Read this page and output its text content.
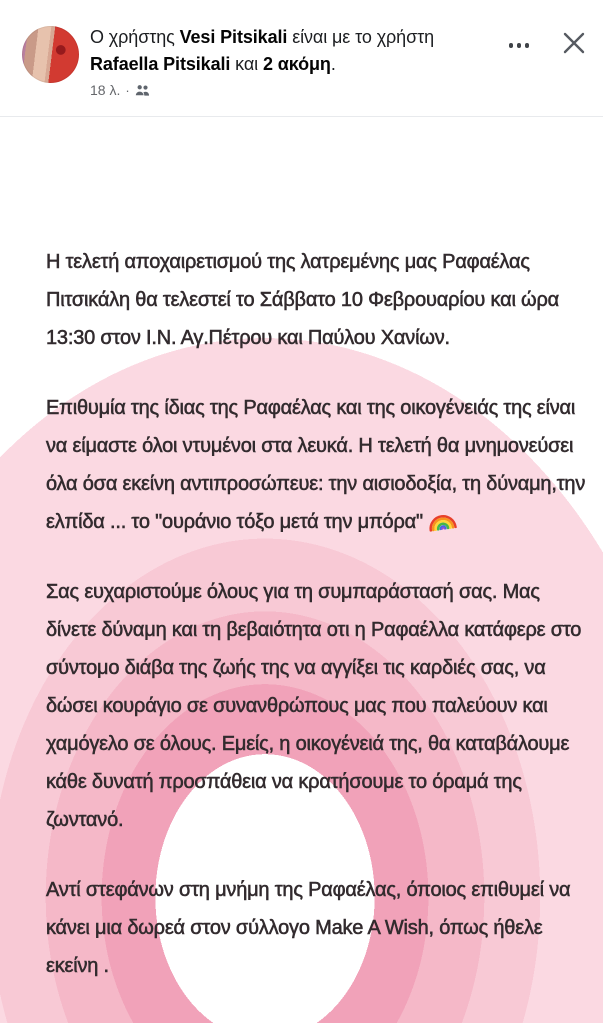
Ο χρήστης Vesi Pitsikali είναι με το χρήστη Rafaella Pitsikali και 2 ακόμη.
18 λ. ·

Η τελετή αποχαιρετισμού της λατρεμένης μας Ραφαέλας Πιτσικάλη θα τελεστεί το Σάββατο 10 Φεβρουαρίου και ώρα 13:30 στον Ι.Ν. Αγ.Πέτρου και Παύλου Χανίων.

Επιθυμία της ίδιας της Ραφαέλας και της οικογένειάς της είναι να είμαστε όλοι ντυμένοι στα λευκά. Η τελετή θα μνημονεύσει όλα όσα εκείνη αντιπροσώπευε: την αισιοδοξία, τη δύναμη,την ελπίδα ... το "ουράνιο τόξο μετά την μπόρα"

Σας ευχαριστούμε όλους για τη συμπαράστασή σας. Μας δίνετε δύναμη και τη βεβαιότητα οτι η Ραφαέλλα κατάφερε στο σύντομο διάβα της ζωής της να αγγίξει τις καρδιές σας, να δώσει κουράγιο σε συνανθρώπους μας που παλεύουν και χαμόγελο σε όλους. Εμείς, η οικογένειά της, θα καταβάλουμε κάθε δυνατή προσπάθεια να κρατήσουμε το όραμά της ζωντανό.

Αντί στεφάνων στη μνήμη της Ραφαέλας, όποιος επιθυμεί να κάνει μια δωρεά στον σύλλογο Make A Wish, όπως ήθελε εκείνη .
